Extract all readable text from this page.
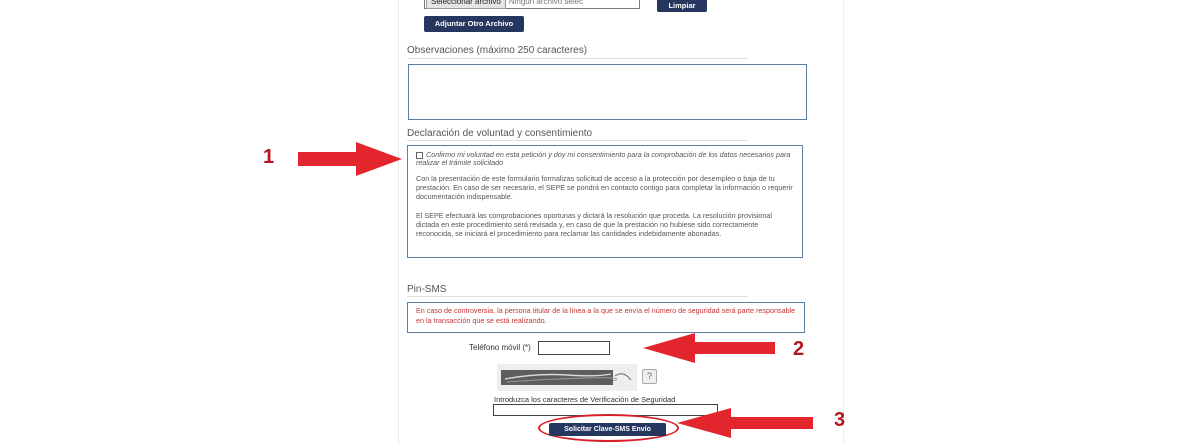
Seleccionar archivo Ningún archivo selec	Limpiar
Adjuntar Otro Archivo
Observaciones (máximo 250 caracteres)
Declaración de voluntad y consentimiento
Confirmo mi voluntad en esta petición y doy mi consentimiento para la comprobación de los datos necesarios para realizar el trámite solicitado
Con la presentación de este formulario formalizas solicitud de acceso a la protección por desempleo o baja de tu prestación. En caso de ser necesario, el SEPE se pondrá en contacto contigo para completar la información o requerir documentación indispensable.
El SEPE efectuará las comprobaciones oportunas y dictará la resolución que proceda. La resolución provisional dictada en este procedimiento será revisada y, en caso de que la prestación no hubiese sido correctamente reconocida, se iniciará el procedimiento para reclamar las cantidades indebidamente abonadas.
Pin-SMS
En caso de controversia, la persona titular de la línea a la que se envía el número de seguridad será parte responsable en la transacción que se está realizando.
Teléfono móvil (*)
?
Introduzca los caracteres de Verificación de Seguridad
Solicitar Clave-SMS Envío
1
2
3
